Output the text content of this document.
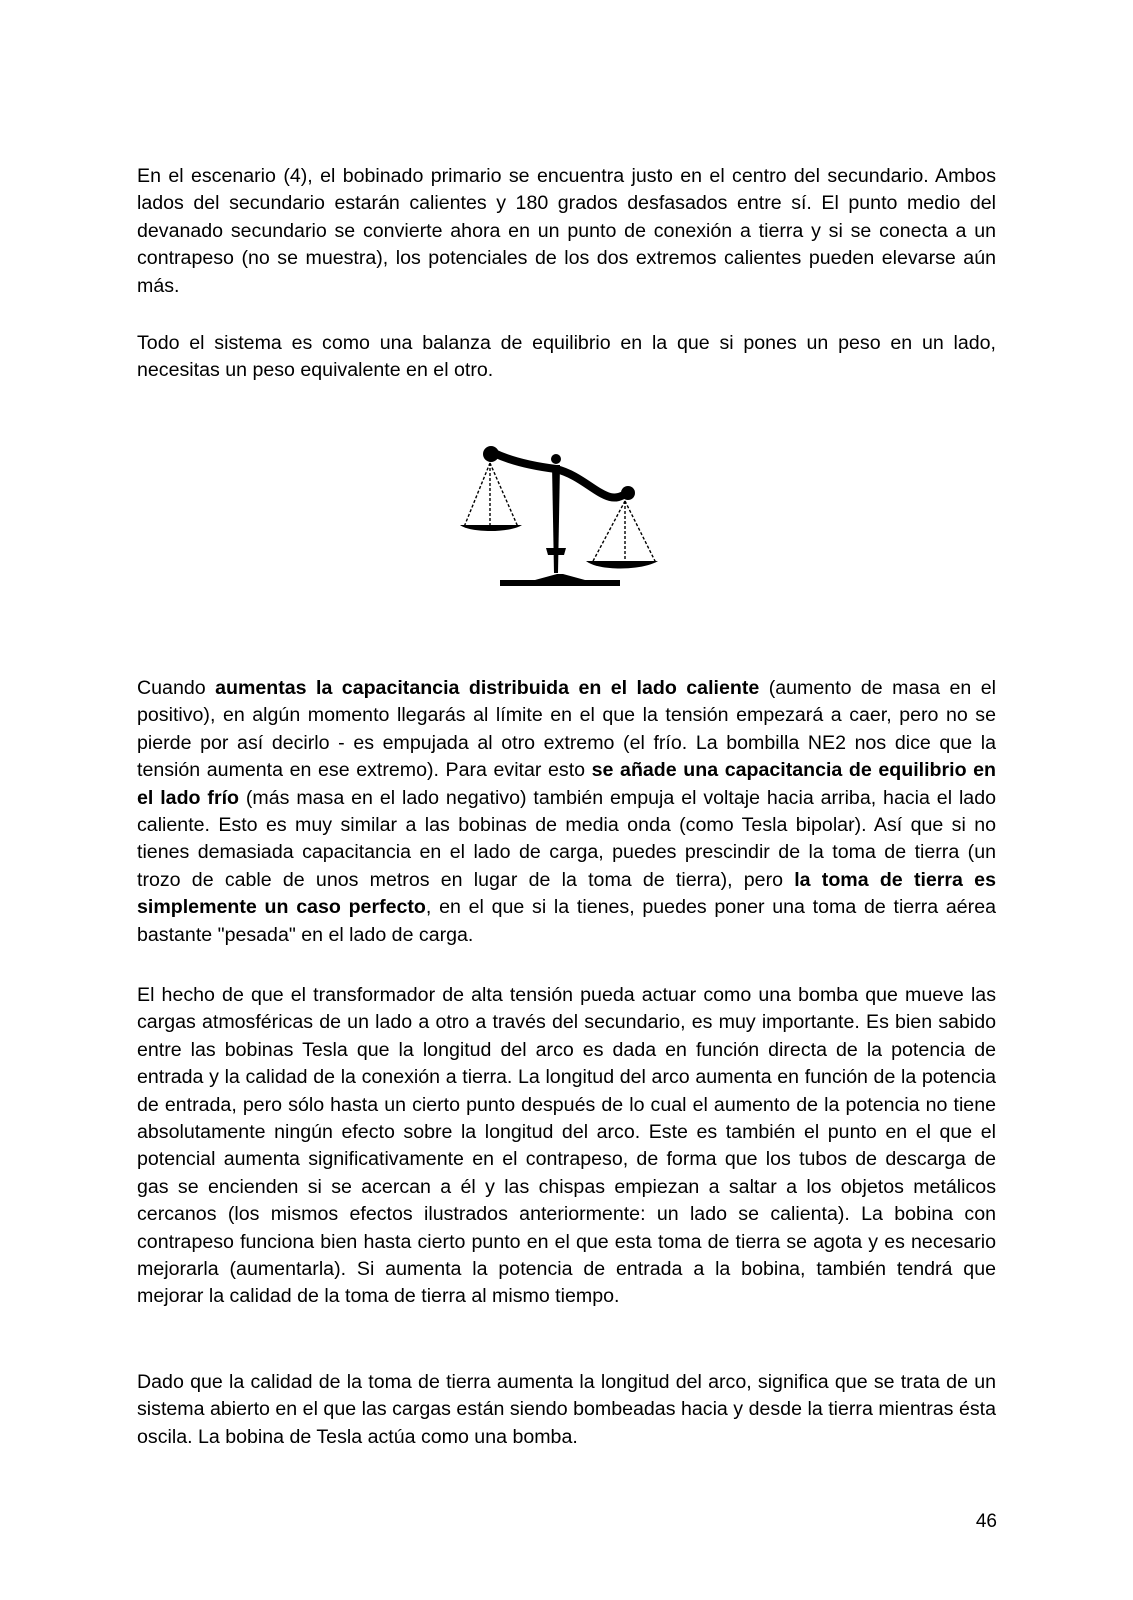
En el escenario (4), el bobinado primario se encuentra justo en el centro del secundario. Ambos lados del secundario estarán calientes y 180 grados desfasados entre sí. El punto medio del devanado secundario se convierte ahora en un punto de conexión a tierra y si se conecta a un contrapeso (no se muestra), los potenciales de los dos extremos calientes pueden elevarse aún más.

Todo el sistema es como una balanza de equilibrio en la que si pones un peso en un lado, necesitas un peso equivalente en el otro.

Cuando aumentas la capacitancia distribuida en el lado caliente (aumento de masa en el positivo), en algún momento llegarás al límite en el que la tensión empezará a caer, pero no se pierde por así decirlo - es empujada al otro extremo (el frío. La bombilla NE2 nos dice que la tensión aumenta en ese extremo). Para evitar esto se añade una capacitancia de equilibrio en el lado frío (más masa en el lado negativo) también empuja el voltaje hacia arriba, hacia el lado caliente. Esto es muy similar a las bobinas de media onda (como Tesla bipolar). Así que si no tienes demasiada capacitancia en el lado de carga, puedes prescindir de la toma de tierra (un trozo de cable de unos metros en lugar de la toma de tierra), pero la toma de tierra es simplemente un caso perfecto, en el que si la tienes, puedes poner una toma de tierra aérea bastante "pesada" en el lado de carga.

El hecho de que el transformador de alta tensión pueda actuar como una bomba que mueve las cargas atmosféricas de un lado a otro a través del secundario, es muy importante. Es bien sabido entre las bobinas Tesla que la longitud del arco es dada en función directa de la potencia de entrada y la calidad de la conexión a tierra. La longitud del arco aumenta en función de la potencia de entrada, pero sólo hasta un cierto punto después de lo cual el aumento de la potencia no tiene absolutamente ningún efecto sobre la longitud del arco. Este es también el punto en el que el potencial aumenta significativamente en el contrapeso, de forma que los tubos de descarga de gas se encienden si se acercan a él y las chispas empiezan a saltar a los objetos metálicos cercanos (los mismos efectos ilustrados anteriormente: un lado se calienta). La bobina con contrapeso funciona bien hasta cierto punto en el que esta toma de tierra se agota y es necesario mejorarla (aumentarla). Si aumenta la potencia de entrada a la bobina, también tendrá que mejorar la calidad de la toma de tierra al mismo tiempo.

Dado que la calidad de la toma de tierra aumenta la longitud del arco, significa que se trata de un sistema abierto en el que las cargas están siendo bombeadas hacia y desde la tierra mientras ésta oscila. La bobina de Tesla actúa como una bomba.

46
